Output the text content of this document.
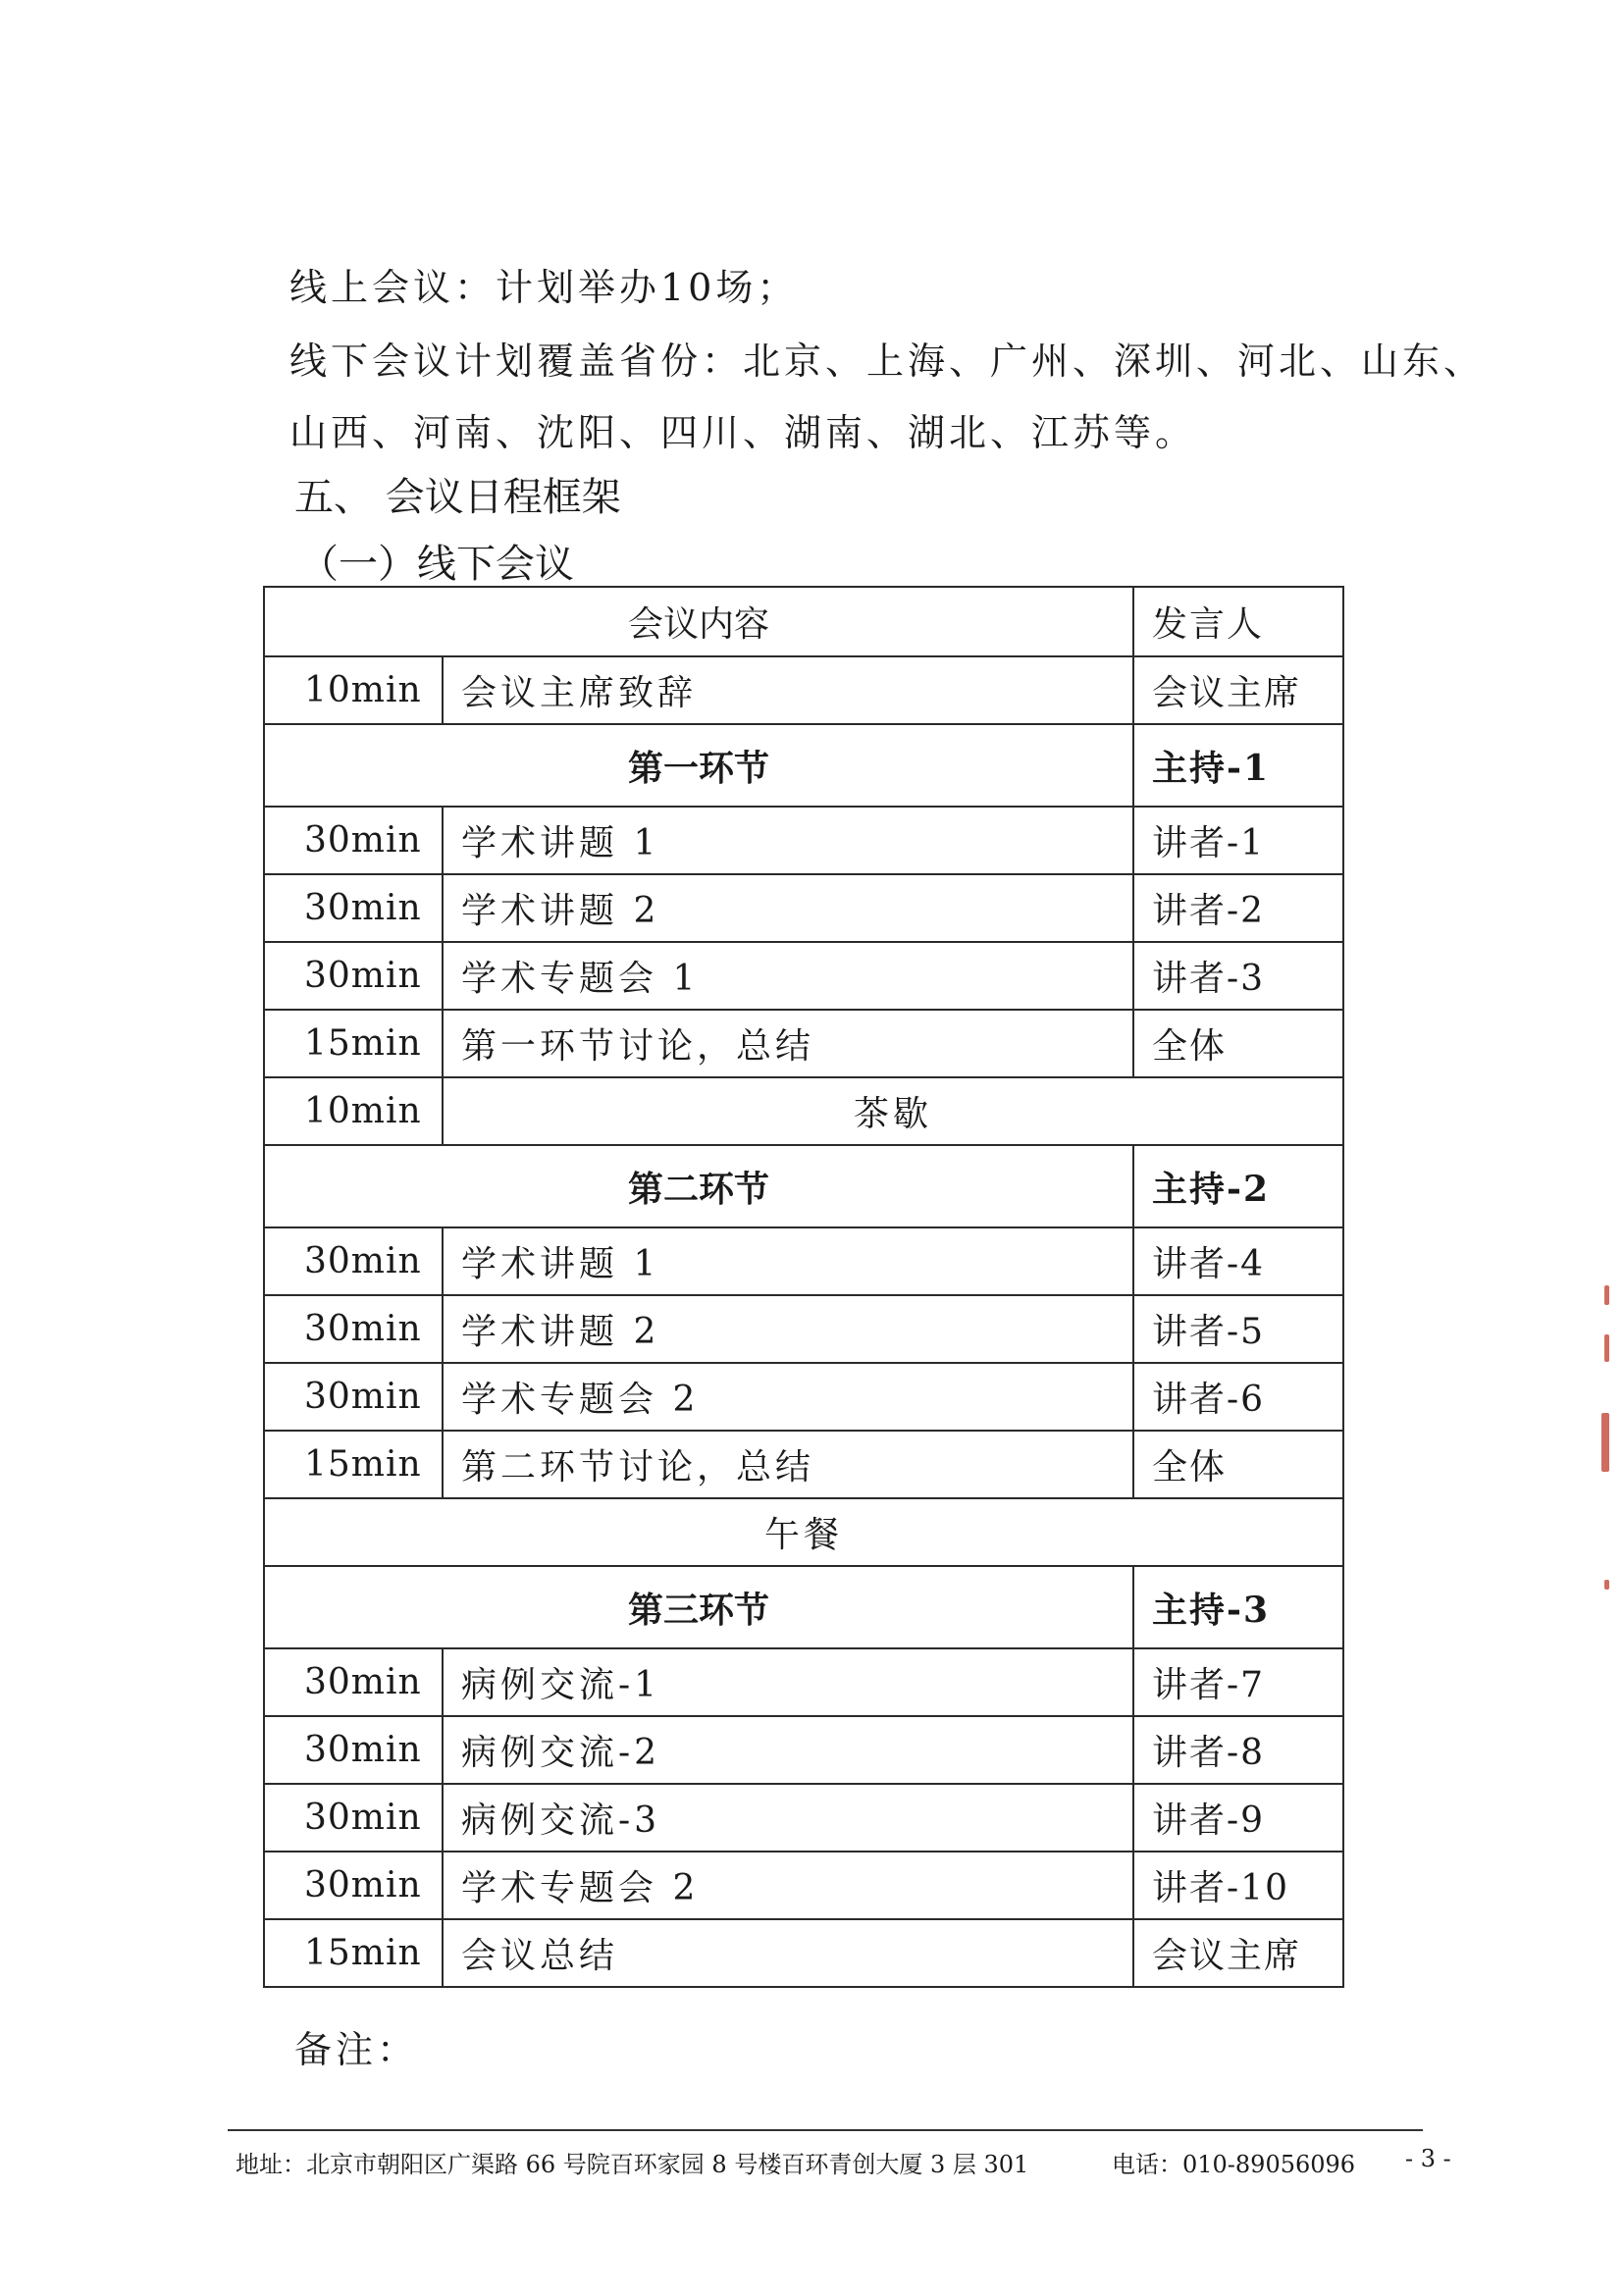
线上会议：计划举办10场；
线下会议计划覆盖省份：北京、上海、广州、深圳、河北、山东、
山西、河南、沈阳、四川、湖南、湖北、江苏等。
五、 会议日程框架
（一）线下会议
会议内容		发言人
10min	会议主席致辞	会议主席
第一环节		主持-1
30min	学术讲题 1	讲者-1
30min	学术讲题 2	讲者-2
30min	学术专题会 1	讲者-3
15min	第一环节讨论，总结	全体
10min	茶歇	
第二环节		主持-2
30min	学术讲题 1	讲者-4
30min	学术讲题 2	讲者-5
30min	学术专题会 2	讲者-6
15min	第二环节讨论，总结	全体
午餐		
第三环节		主持-3
30min	病例交流-1	讲者-7
30min	病例交流-2	讲者-8
30min	病例交流-3	讲者-9
30min	学术专题会 2	讲者-10
15min	会议总结	会议主席
备注：
地址：北京市朝阳区广渠路 66 号院百环家园 8 号楼百环青创大厦 3 层 301	电话：010-89056096 - 3 -
